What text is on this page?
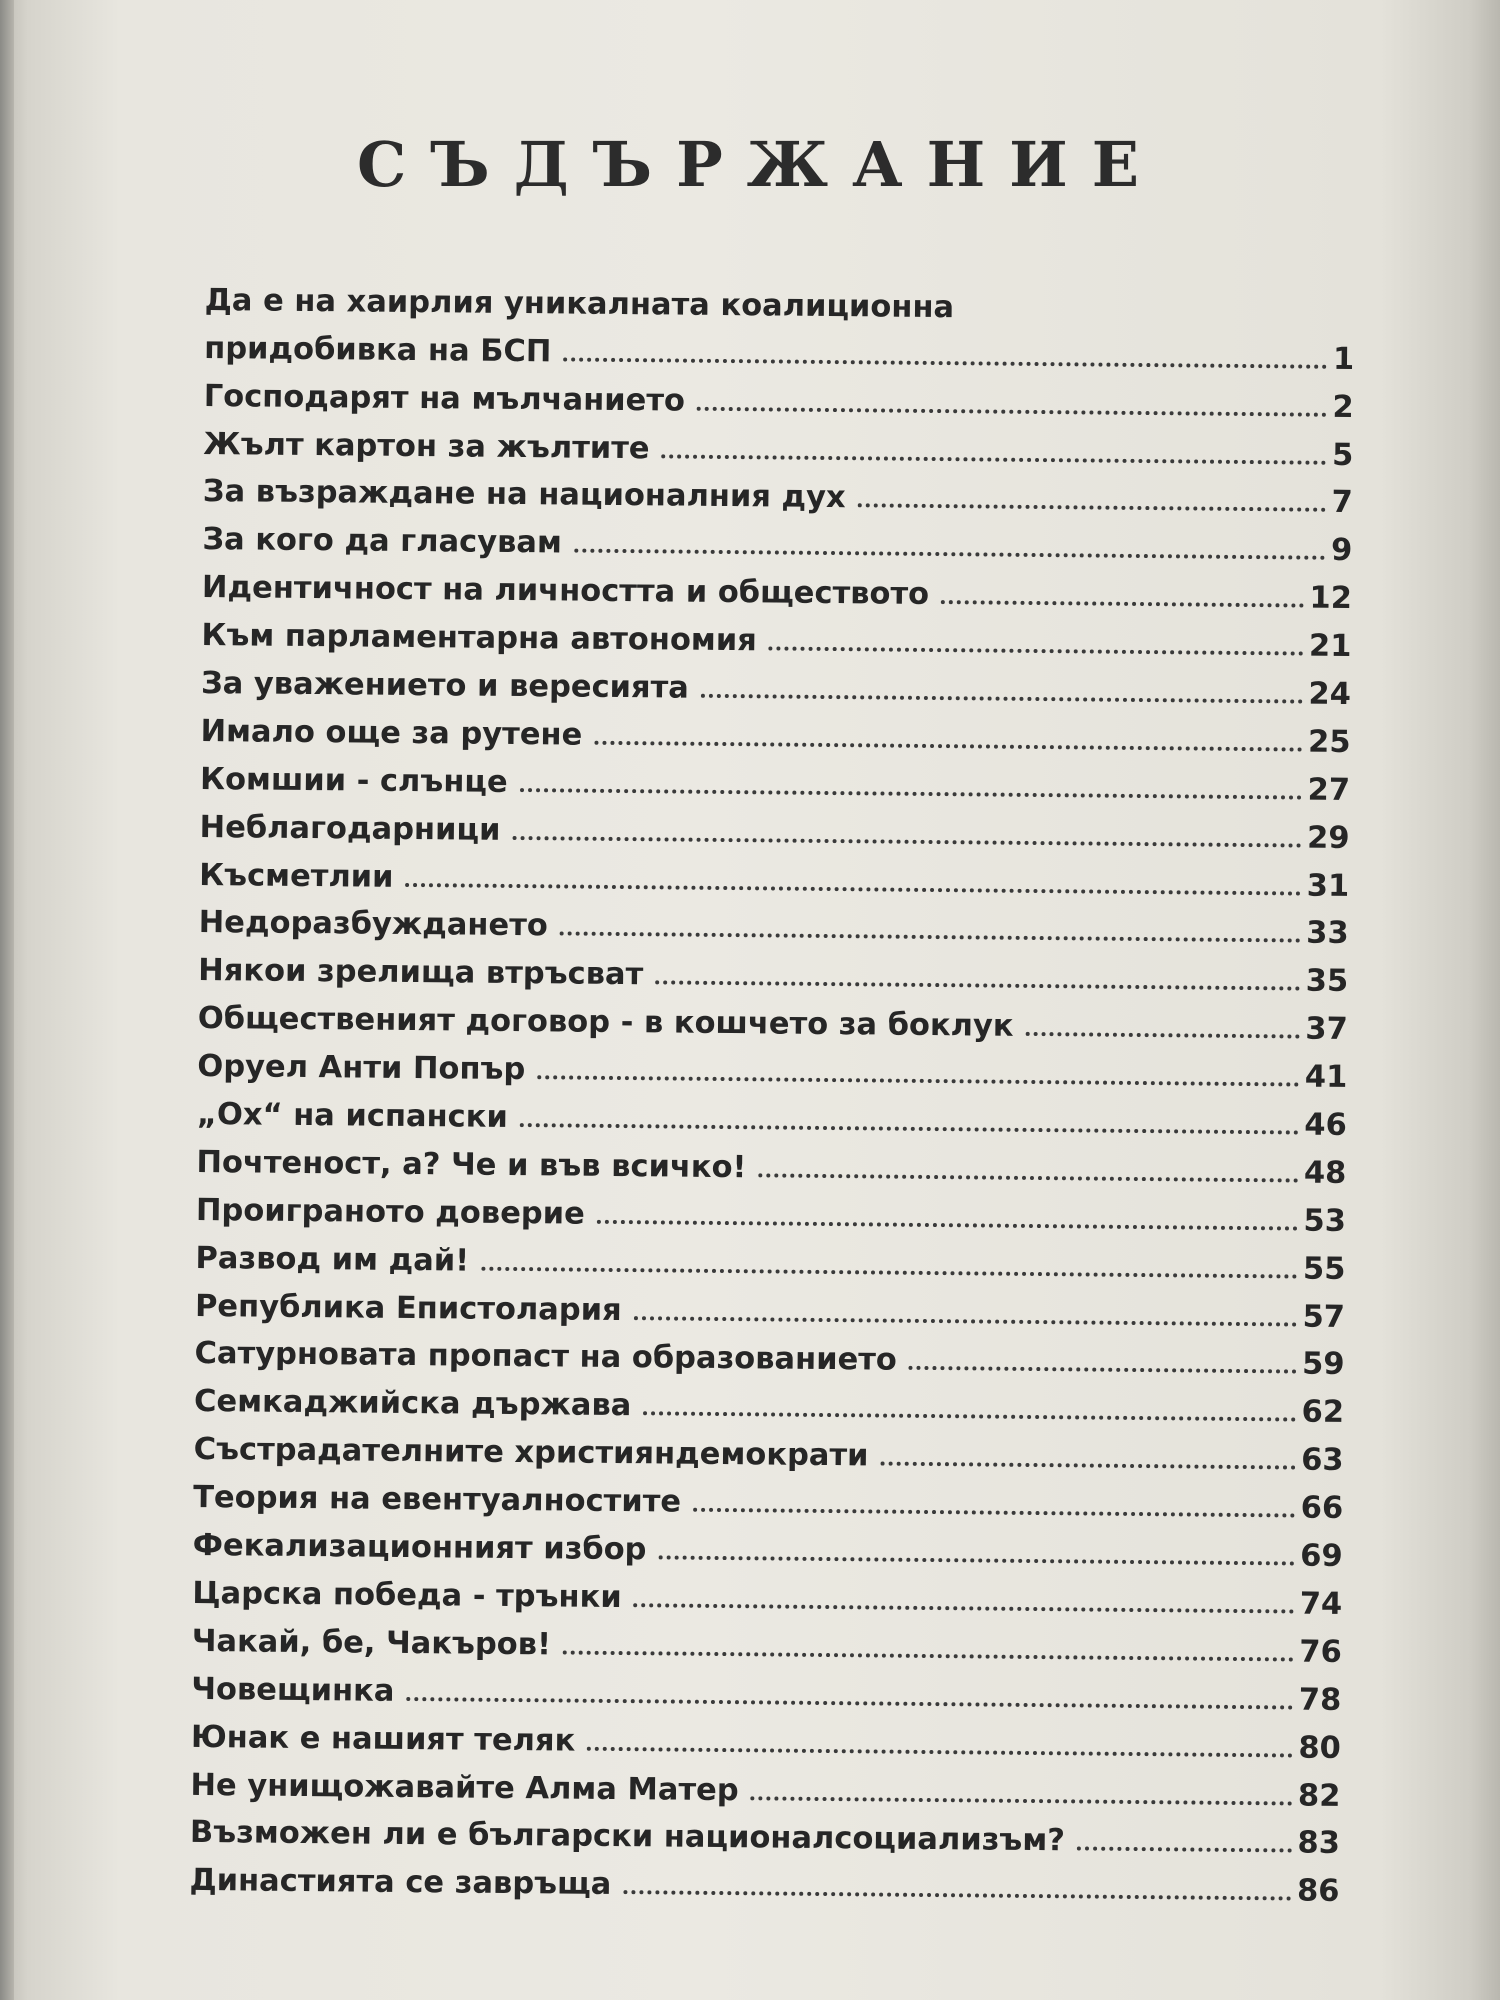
СЪДЪРЖАНИЕ
Да е на хаирлия уникалната коалиционна
придобивка на БСП	1
Господарят на мълчанието	2
Жълт картон за жълтите	5
За възраждане на националния дух	7
За кого да гласувам	9
Идентичност на личността и обществото	12
Към парламентарна автономия	21
За уважението и вересията	24
Имало още за рутене	25
Комшии - слънце	27
Неблагодарници	29
Късметлии	31
Недоразбуждането	33
Някои зрелища втръсват	35
Общественият договор - в кошчето за боклук	37
Оруел Анти Попър	41
„Ох“ на испански	46
Почтеност, а? Че и във всичко!	48
Проиграното доверие	53
Развод им дай!	55
Република Епистолария	57
Сатурновата пропаст на образованието	59
Семкаджийска държава	62
Състрадателните християндемократи	63
Теория на евентуалностите	66
Фекализационният избор	69
Царска победа - трънки	74
Чакай, бе, Чакъров!	76
Човещинка	78
Юнак е нашият теляк	80
Не унищожавайте Алма Матер	82
Възможен ли е български националсоциализъм?	83
Династията се завръща	86
